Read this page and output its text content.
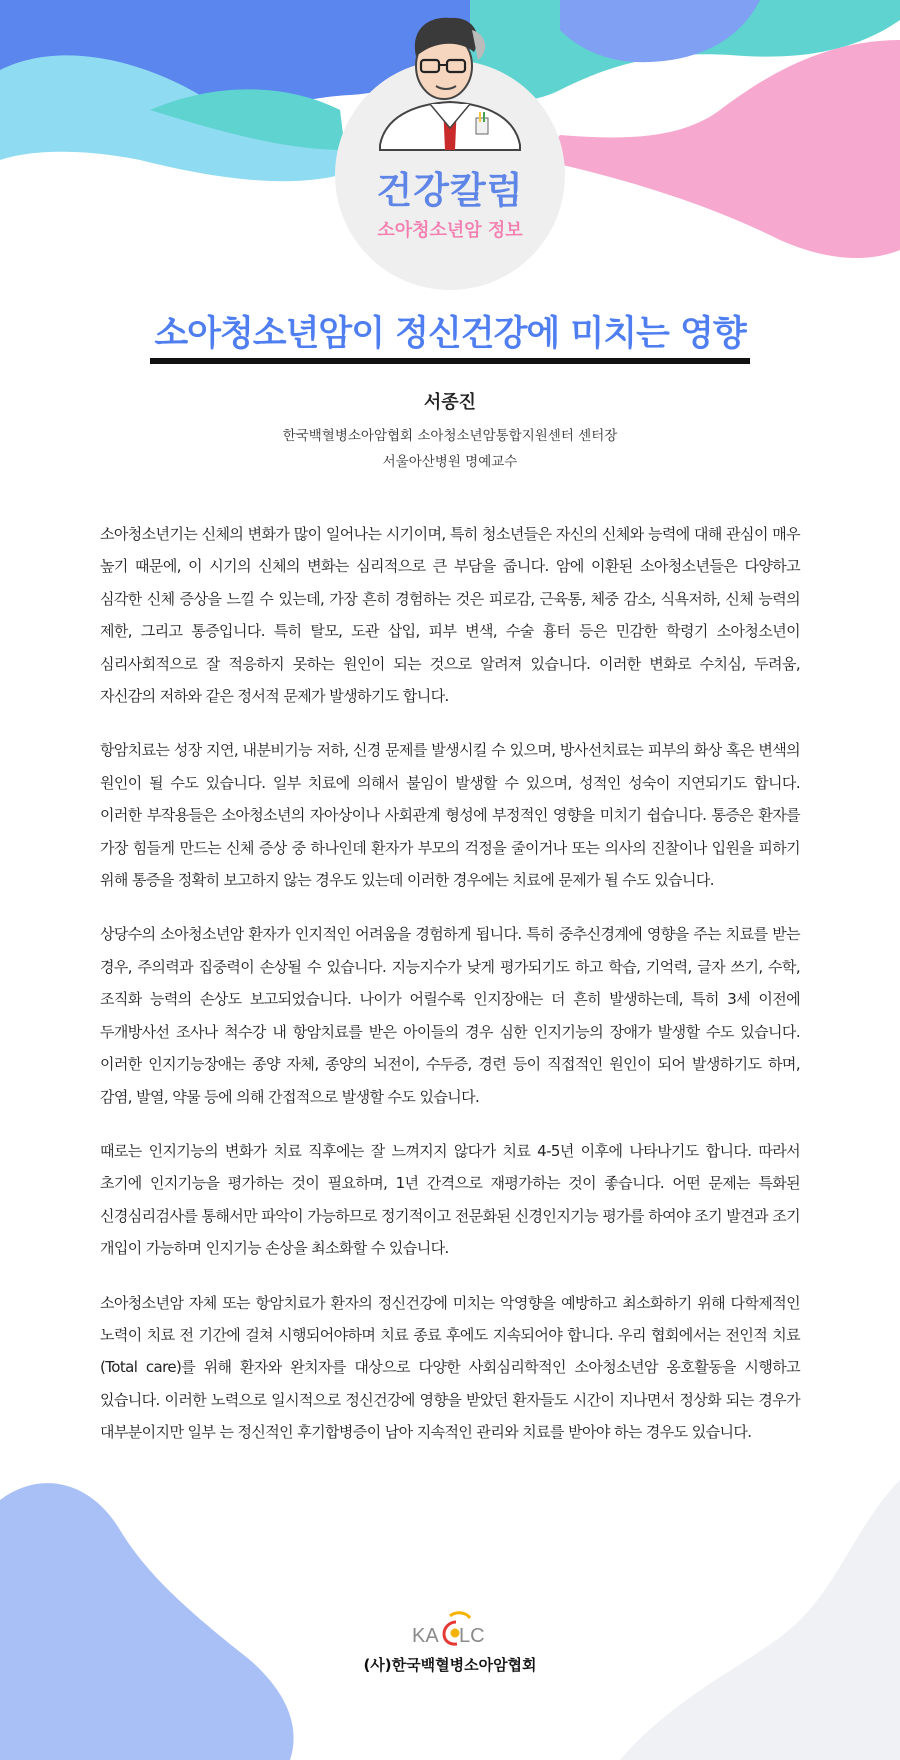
건강칼럼
소아청소년암 정보
소아청소년암이 정신건강에 미치는 영향
서종진
한국백혈병소아암협회 소아청소년암통합지원센터 센터장
서울아산병원 명예교수

소아청소년기는 신체의 변화가 많이 일어나는 시기이며, 특히 청소년들은 자신의 신체와 능력에 대해 관심이 매우 높기 때문에, 이 시기의 신체의 변화는 심리적으로 큰 부담을 줍니다. 암에 이환된 소아청소년들은 다양하고 심각한 신체 증상을 느낄 수 있는데, 가장 흔히 경험하는 것은 피로감, 근육통, 체중 감소, 식욕저하, 신체 능력의 제한, 그리고 통증입니다. 특히 탈모, 도관 삽입, 피부 변색, 수술 흉터 등은 민감한 학령기 소아청소년이 심리사회적으로 잘 적응하지 못하는 원인이 되는 것으로 알려져 있습니다. 이러한 변화로 수치심, 두려움, 자신감의 저하와 같은 정서적 문제가 발생하기도 합니다.

항암치료는 성장 지연, 내분비기능 저하, 신경 문제를 발생시킬 수 있으며, 방사선치료는 피부의 화상 혹은 변색의 원인이 될 수도 있습니다. 일부 치료에 의해서 불임이 발생할 수 있으며, 성적인 성숙이 지연되기도 합니다. 이러한 부작용들은 소아청소년의 자아상이나 사회관계 형성에 부정적인 영향을 미치기 쉽습니다. 통증은 환자를 가장 힘들게 만드는 신체 증상 중 하나인데 환자가 부모의 걱정을 줄이거나 또는 의사의 진찰이나 입원을 피하기 위해 통증을 정확히 보고하지 않는 경우도 있는데 이러한 경우에는 치료에 문제가 될 수도 있습니다.

상당수의 소아청소년암 환자가 인지적인 어려움을 경험하게 됩니다. 특히 중추신경계에 영향을 주는 치료를 받는 경우, 주의력과 집중력이 손상될 수 있습니다. 지능지수가 낮게 평가되기도 하고 학습, 기억력, 글자 쓰기, 수학, 조직화 능력의 손상도 보고되었습니다. 나이가 어릴수록 인지장애는 더 흔히 발생하는데, 특히 3세 이전에 두개방사선 조사나 척수강 내 항암치료를 받은 아이들의 경우 심한 인지기능의 장애가 발생할 수도 있습니다. 이러한 인지기능장애는 종양 자체, 종양의 뇌전이, 수두증, 경련 등이 직접적인 원인이 되어 발생하기도 하며, 감염, 발열, 약물 등에 의해 간접적으로 발생할 수도 있습니다.

때로는 인지기능의 변화가 치료 직후에는 잘 느껴지지 않다가 치료 4-5년 이후에 나타나기도 합니다. 따라서 초기에 인지기능을 평가하는 것이 필요하며, 1년 간격으로 재평가하는 것이 좋습니다. 어떤 문제는 특화된 신경심리검사를 통해서만 파악이 가능하므로 정기적이고 전문화된 신경인지기능 평가를 하여야 조기 발견과 조기 개입이 가능하며 인지기능 손상을 최소화할 수 있습니다.

소아청소년암 자체 또는 항암치료가 환자의 정신건강에 미치는 악영향을 예방하고 최소화하기 위해 다학제적인 노력이 치료 전 기간에 걸쳐 시행되어야하며 치료 종료 후에도 지속되어야 합니다. 우리 협회에서는 전인적 치료(Total care)를 위해 환자와 완치자를 대상으로 다양한 사회심리학적인 소아청소년암 옹호활동을 시행하고 있습니다. 이러한 노력으로 일시적으로 정신건강에 영향을 받았던 환자들도 시간이 지나면서 정상화 되는 경우가 대부분이지만 일부 는 정신적인 후기합병증이 남아 지속적인 관리와 치료를 받아야 하는 경우도 있습니다.

KA LC
(사)한국백혈병소아암협회
